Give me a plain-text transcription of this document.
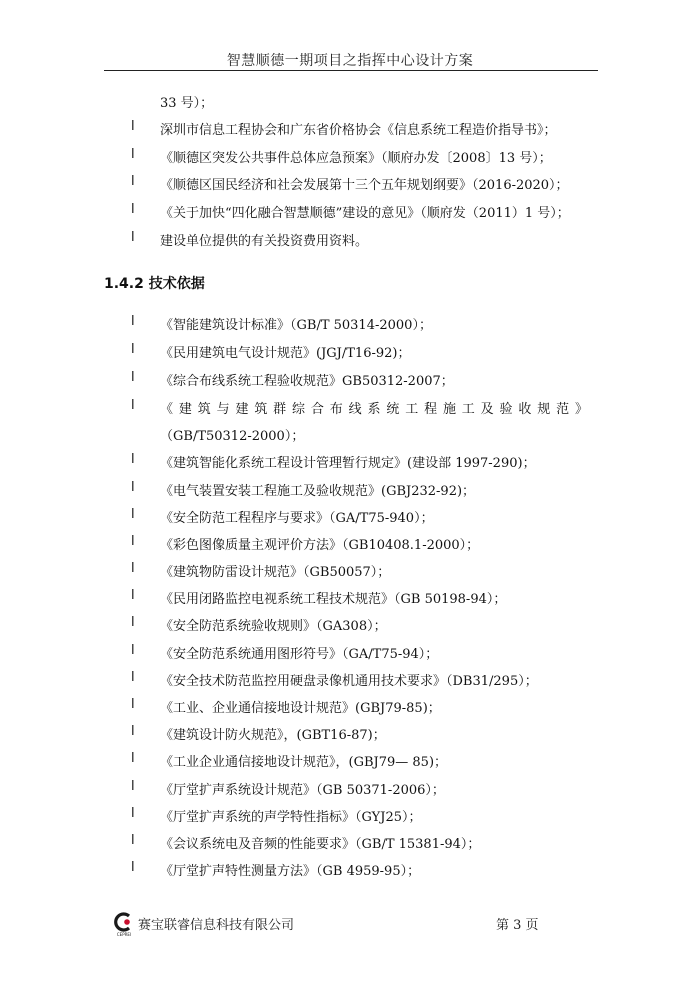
智慧顺德一期项目之指挥中心设计方案
33 号）；
l 深圳市信息工程协会和广东省价格协会《信息系统工程造价指导书》；
l 《顺德区突发公共事件总体应急预案》（顺府办发〔2008〕13 号）；
l 《顺德区国民经济和社会发展第十三个五年规划纲要》（2016-2020）；
l 《关于加快“四化融合智慧顺德”建设的意见》（顺府发（2011）1 号）；
l 建设单位提供的有关投资费用资料。
1.4.2 技术依据
l 《智能建筑设计标准》（GB/T 50314-2000）；
l 《民用建筑电气设计规范》(JGJ/T16-92)；
l 《综合布线系统工程验收规范》GB50312-2007；
l 《建筑与建筑群综合布线系统工程施工及验收规范》
（GB/T50312-2000）；
l 《建筑智能化系统工程设计管理暂行规定》(建设部 1997-290)；
l 《电气装置安装工程施工及验收规范》(GBJ232-92)；
l 《安全防范工程程序与要求》（GA/T75-940）；
l 《彩色图像质量主观评价方法》（GB10408.1-2000）；
l 《建筑物防雷设计规范》（GB50057）；
l 《民用闭路监控电视系统工程技术规范》（GB 50198-94）；
l 《安全防范系统验收规则》（GA308）；
l 《安全防范系统通用图形符号》（GA/T75-94）；
l 《安全技术防范监控用硬盘录像机通用技术要求》（DB31/295）；
l 《工业、企业通信接地设计规范》(GBJ79-85)；
l 《建筑设计防火规范》，(GBT16-87)；
l 《工业企业通信接地设计规范》，(GBJ79— 85)；
l 《厅堂扩声系统设计规范》（GB 50371-2006）；
l 《厅堂扩声系统的声学特性指标》（GYJ25）；
l 《会议系统电及音频的性能要求》（GB/T 15381-94）；
l 《厅堂扩声特性测量方法》（GB 4959-95）；
CEPREI
赛宝联睿信息科技有限公司	第 3 页
